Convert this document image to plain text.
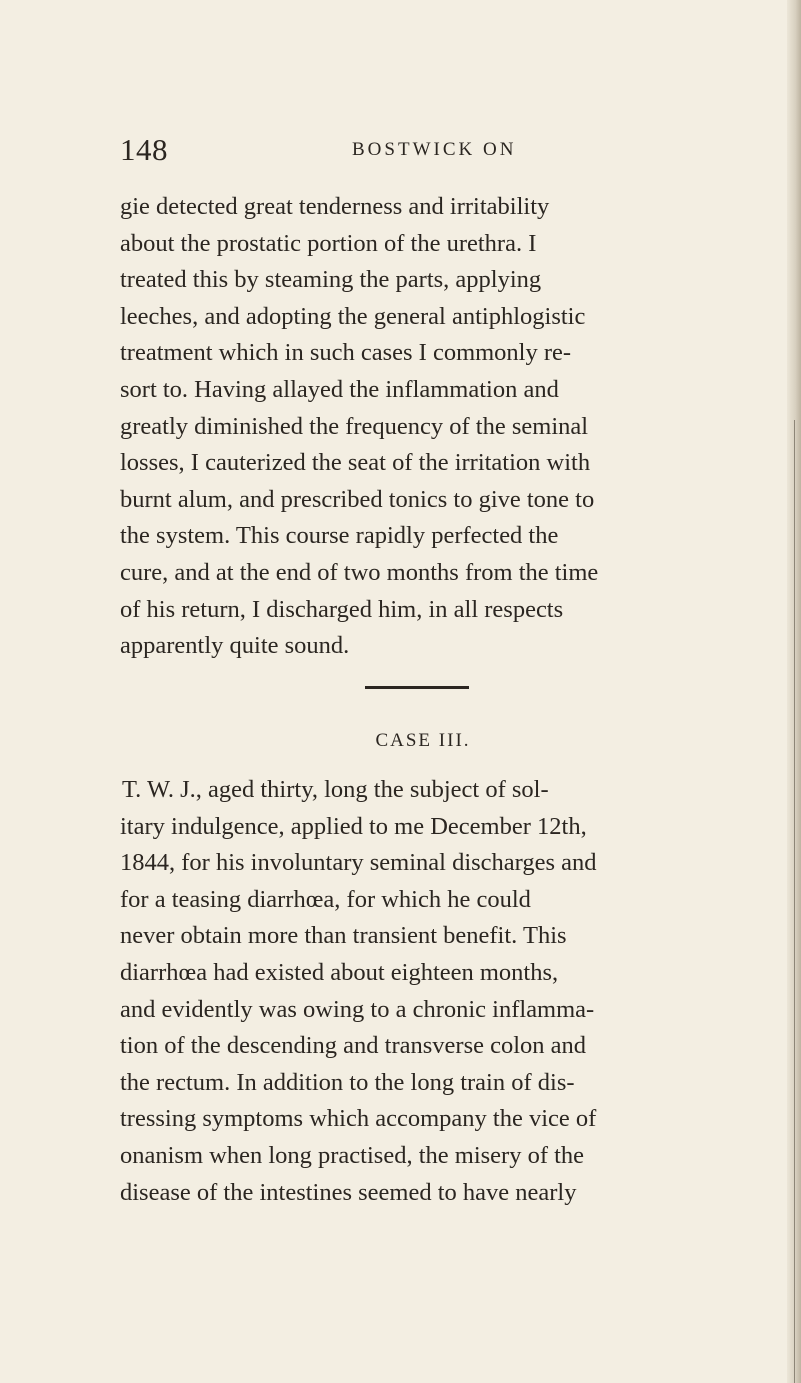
148	BOSTWICK ON

gie detected great tenderness and irritability
about the prostatic portion of the urethra. I
treated this by steaming the parts, applying
leeches, and adopting the general antiphlogistic
treatment which in such cases I commonly re-
sort to. Having allayed the inflammation and
greatly diminished the frequency of the seminal
losses, I cauterized the seat of the irritation with
burnt alum, and prescribed tonics to give tone to
the system. This course rapidly perfected the
cure, and at the end of two months from the time
of his return, I discharged him, in all respects
apparently quite sound.

CASE III.

T. W. J., aged thirty, long the subject of sol-
itary indulgence, applied to me December 12th,
1844, for his involuntary seminal discharges and
for a teasing diarrhœa, for which he could
never obtain more than transient benefit. This
diarrhœa had existed about eighteen months,
and evidently was owing to a chronic inflamma-
tion of the descending and transverse colon and
the rectum. In addition to the long train of dis-
tressing symptoms which accompany the vice of
onanism when long practised, the misery of the
disease of the intestines seemed to have nearly
